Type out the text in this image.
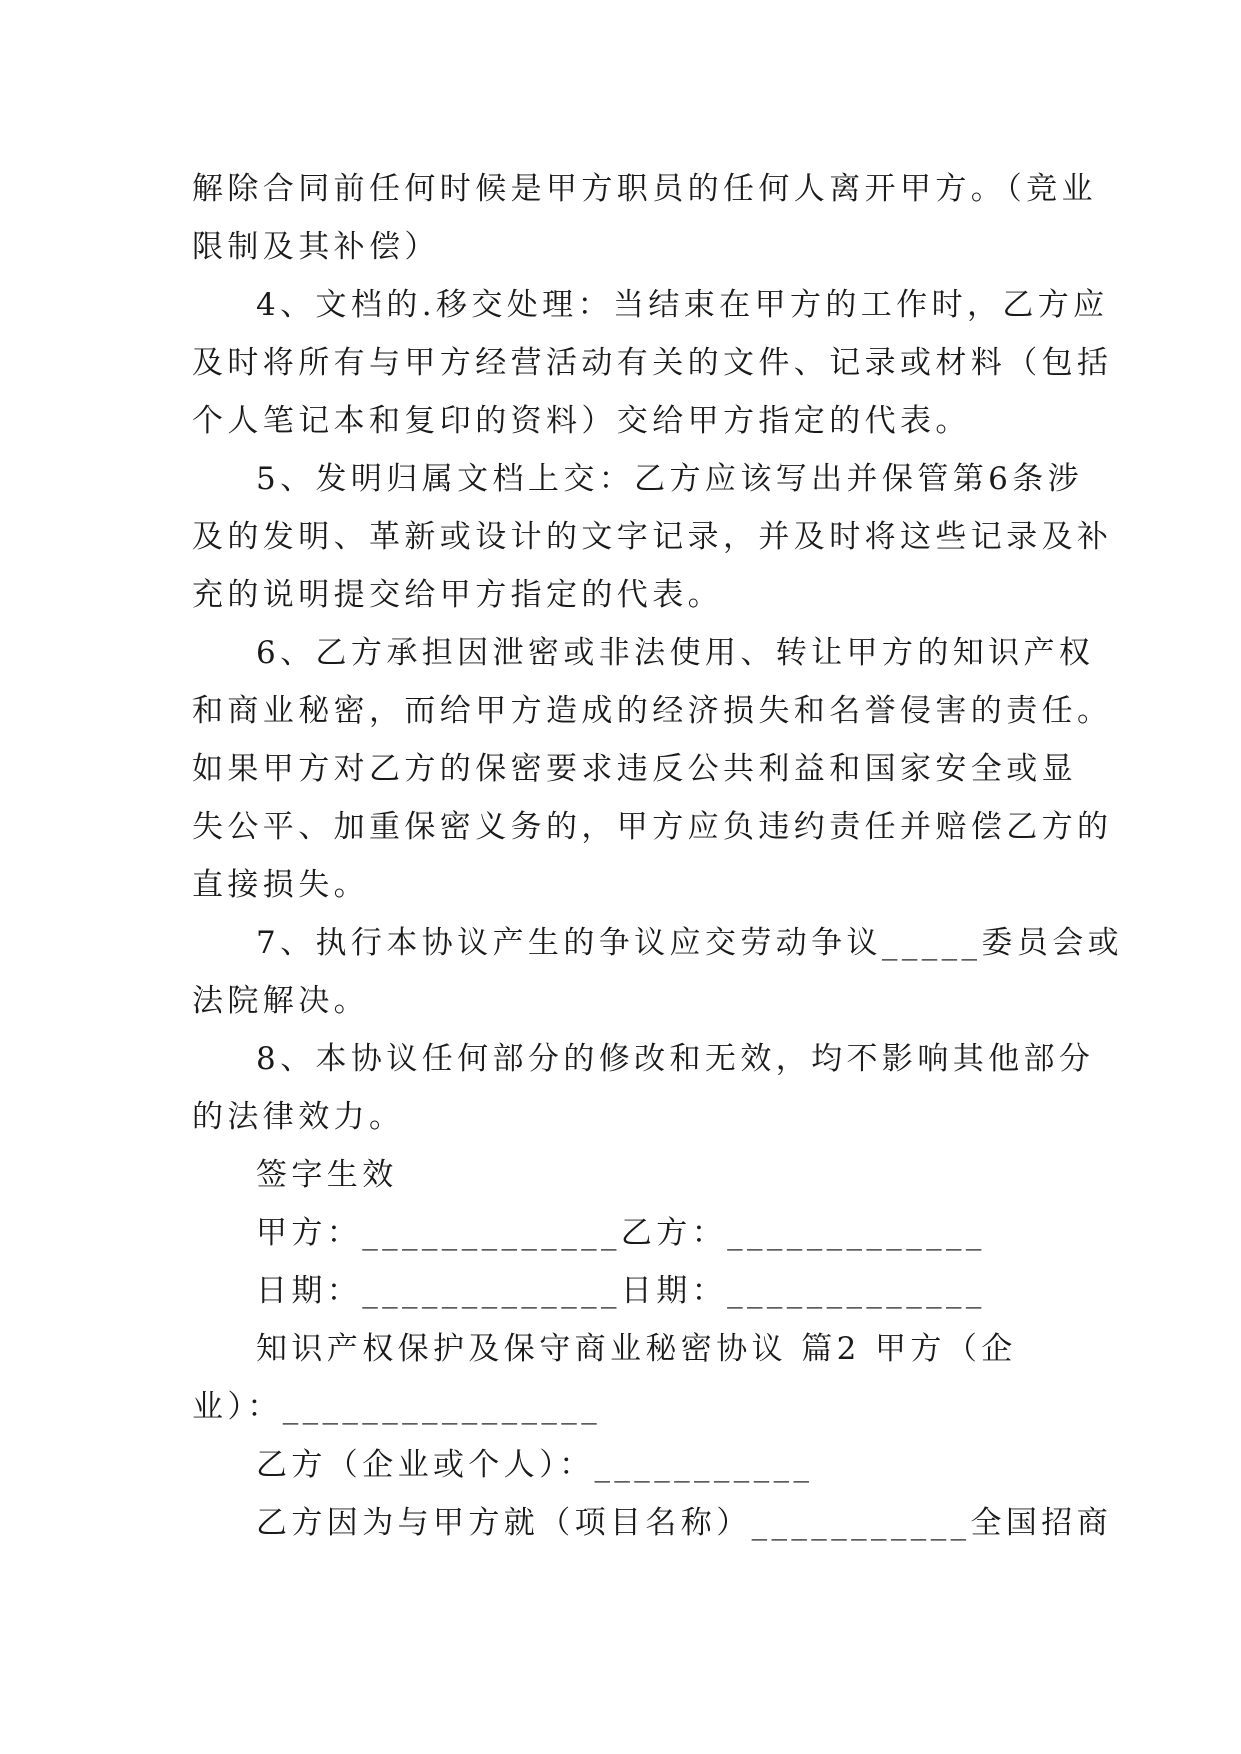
解除合同前任何时候是甲方职员的任何人离开甲方。（竞业
限制及其补偿）
4、文档的.移交处理：当结束在甲方的工作时，乙方应
及时将所有与甲方经营活动有关的文件、记录或材料（包括
个人笔记本和复印的资料）交给甲方指定的代表。
5、发明归属文档上交：乙方应该写出并保管第6条涉
及的发明、革新或设计的文字记录，并及时将这些记录及补
充的说明提交给甲方指定的代表。
6、乙方承担因泄密或非法使用、转让甲方的知识产权
和商业秘密，而给甲方造成的经济损失和名誉侵害的责任。
如果甲方对乙方的保密要求违反公共利益和国家安全或显
失公平、加重保密义务的，甲方应负违约责任并赔偿乙方的
直接损失。
7、执行本协议产生的争议应交劳动争议_____委员会或
法院解决。
8、本协议任何部分的修改和无效，均不影响其他部分
的法律效力。
签字生效
甲方：_____________乙方：_____________
日期：_____________日期：_____________
知识产权保护及保守商业秘密协议 篇2 甲方（企
业）：________________
乙方（企业或个人）：___________
乙方因为与甲方就（项目名称）___________全国招商
